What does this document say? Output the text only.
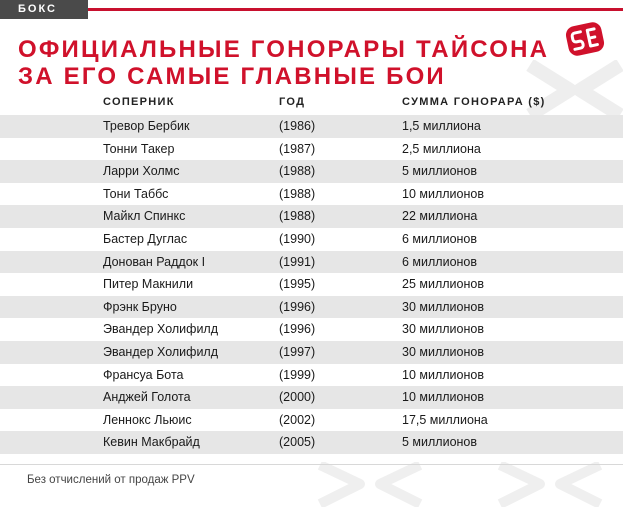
БОКС
ОФИЦИАЛЬНЫЕ ГОНОРАРЫ ТАЙСОНА
ЗА ЕГО САМЫЕ ГЛАВНЫЕ БОИ
СОПЕРНИК	ГОД	СУММА ГОНОРАРА ($)
Тревор Бербик	(1986)	1,5 миллиона
Тонни Такер	(1987)	2,5 миллиона
Ларри Холмс	(1988)	5 миллионов
Тони Таббс	(1988)	10 миллионов
Майкл Спинкс	(1988)	22 миллиона
Бастер Дуглас	(1990)	6 миллионов
Донован Раддок I	(1991)	6 миллионов
Питер Макнили	(1995)	25 миллионов
Фрэнк Бруно	(1996)	30 миллионов
Эвандер Холифилд	(1996)	30 миллионов
Эвандер Холифилд	(1997)	30 миллионов
Франсуа Бота	(1999)	10 миллионов
Анджей Голота	(2000)	10 миллионов
Леннокс Льюис	(2002)	17,5 миллиона
Кевин Макбрайд	(2005)	5 миллионов
Без отчислений от продаж PPV
